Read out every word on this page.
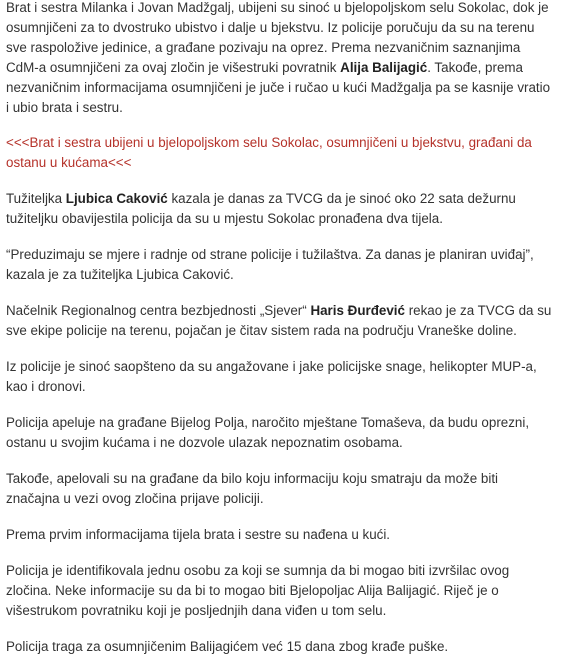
Brat i sestra Milanka i Jovan Madžgalj, ubijeni su sinoć u bjelopoljskom selu Sokolac, dok je osumnjičeni za to dvostruko ubistvo i dalje u bjekstvu. Iz policije poručuju da su na terenu sve raspoložive jedinice, a građane pozivaju na oprez. Prema nezvaničnim saznanjima CdM-a osumnjičeni za ovaj zločin je višestruki povratnik Alija Balijagić. Takođe, prema nezvaničnim informacijama osumnjičeni je juče i ručao u kući Madžgalja pa se kasnije vratio i ubio brata i sestru.

<<<Brat i sestra ubijeni u bjelopoljskom selu Sokolac, osumnjičeni u bjekstvu, građani da ostanu u kućama<<<

Tužiteljka Ljubica Caković kazala je danas za TVCG da je sinoć oko 22 sata dežurnu tužiteljku obavijestila policija da su u mjestu Sokolac pronađena dva tijela.

“Preduzimaju se mjere i radnje od strane policije i tužilaštva. Za danas je planiran uviđaj”, kazala je za tužiteljka Ljubica Caković.

Načelnik Regionalnog centra bezbjednosti „Sjever“ Haris Đurđević rekao je za TVCG da su sve ekipe policije na terenu, pojačan je čitav sistem rada na području Vraneške doline.

Iz policije je sinoć saopšteno da su angažovane i jake policijske snage, helikopter MUP-a, kao i dronovi.

Policija apeluje na građane Bijelog Polja, naročito mještane Tomaševa, da budu oprezni, ostanu u svojim kućama i ne dozvole ulazak nepoznatim osobama.

Takođe, apelovali su na građane da bilo koju informaciju koju smatraju da može biti značajna u vezi ovog zločina prijave policiji.

Prema prvim informacijama tijela brata i sestre su nađena u kući.

Policija je identifikovala jednu osobu za koji se sumnja da bi mogao biti izvršilac ovog zločina. Neke informacije su da bi to mogao biti Bjelopoljac Alija Balijagić. Riječ je o višestrukom povratniku koji je posljednjih dana viđen u tom selu.

Policija traga za osumnjičenim Balijagićem već 15 dana zbog krađe puške.
